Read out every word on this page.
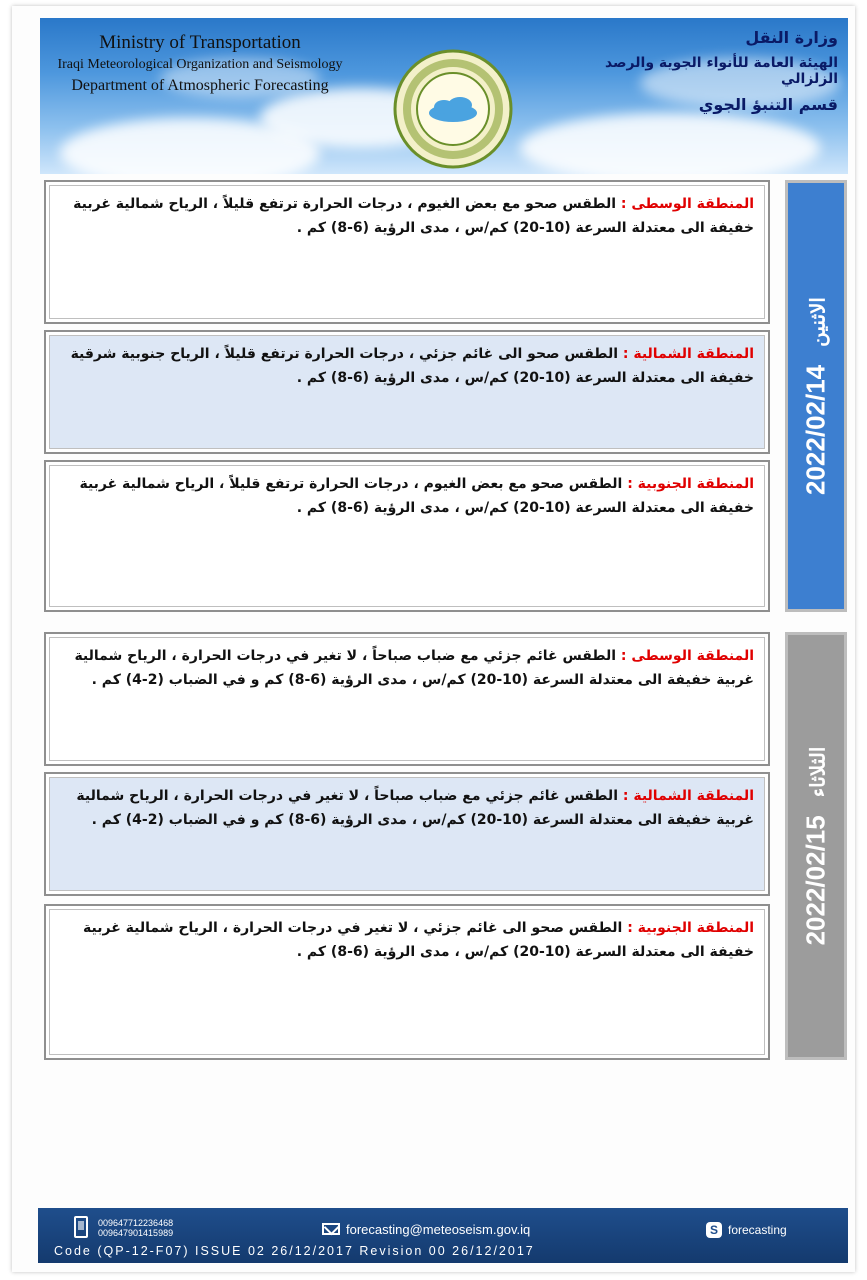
Ministry of Transportation
Iraqi Meteorological Organization and Seismology
Department of Atmospheric Forecasting
وزارة النقل
الهيئة العامة للأنواء الجوية والرصد الزلزالي
قسم التنبؤ الجوي
المنطقة الوسطى : الطقس صحو مع بعض الغيوم ، درجات الحرارة ترتفع قليلاً ، الرياح شمالية غربية خفيفة الى معتدلة السرعة (10-20) كم/س ، مدى الرؤية (6-8) كم .
المنطقة الشمالية : الطقس صحو الى غائم جزئي ، درجات الحرارة ترتفع قليلاً ، الرياح جنوبية شرقية خفيفة الى معتدلة السرعة (10-20) كم/س ، مدى الرؤية (6-8) كم .
المنطقة الجنوبية : الطقس صحو مع بعض الغيوم ، درجات الحرارة ترتفع قليلاً ، الرياح شمالية غربية خفيفة الى معتدلة السرعة (10-20) كم/س ، مدى الرؤية (6-8) كم .
2022/02/14الاثنين
المنطقة الوسطى : الطقس غائم جزئي مع ضباب صباحاً ، لا تغير في درجات الحرارة ، الرياح شمالية غربية خفيفة الى معتدلة السرعة (10-20) كم/س ، مدى الرؤية (6-8) كم و في الضباب (2-4) كم .
المنطقة الشمالية : الطقس غائم جزئي مع ضباب صباحاً ، لا تغير في درجات الحرارة ، الرياح شمالية غربية خفيفة الى معتدلة السرعة (10-20) كم/س ، مدى الرؤية (6-8) كم و في الضباب (2-4) كم .
المنطقة الجنوبية : الطقس صحو الى غائم جزئي ، لا تغير في درجات الحرارة ، الرياح شمالية غربية خفيفة الى معتدلة السرعة (10-20) كم/س ، مدى الرؤية (6-8) كم .
2022/02/15الثلاثاء
009647712236468
009647901415989	forecasting@meteoseism.gov.iq	S forecasting
Code (QP-12-F07) ISSUE 02 26/12/2017 Revision 00 26/12/2017
